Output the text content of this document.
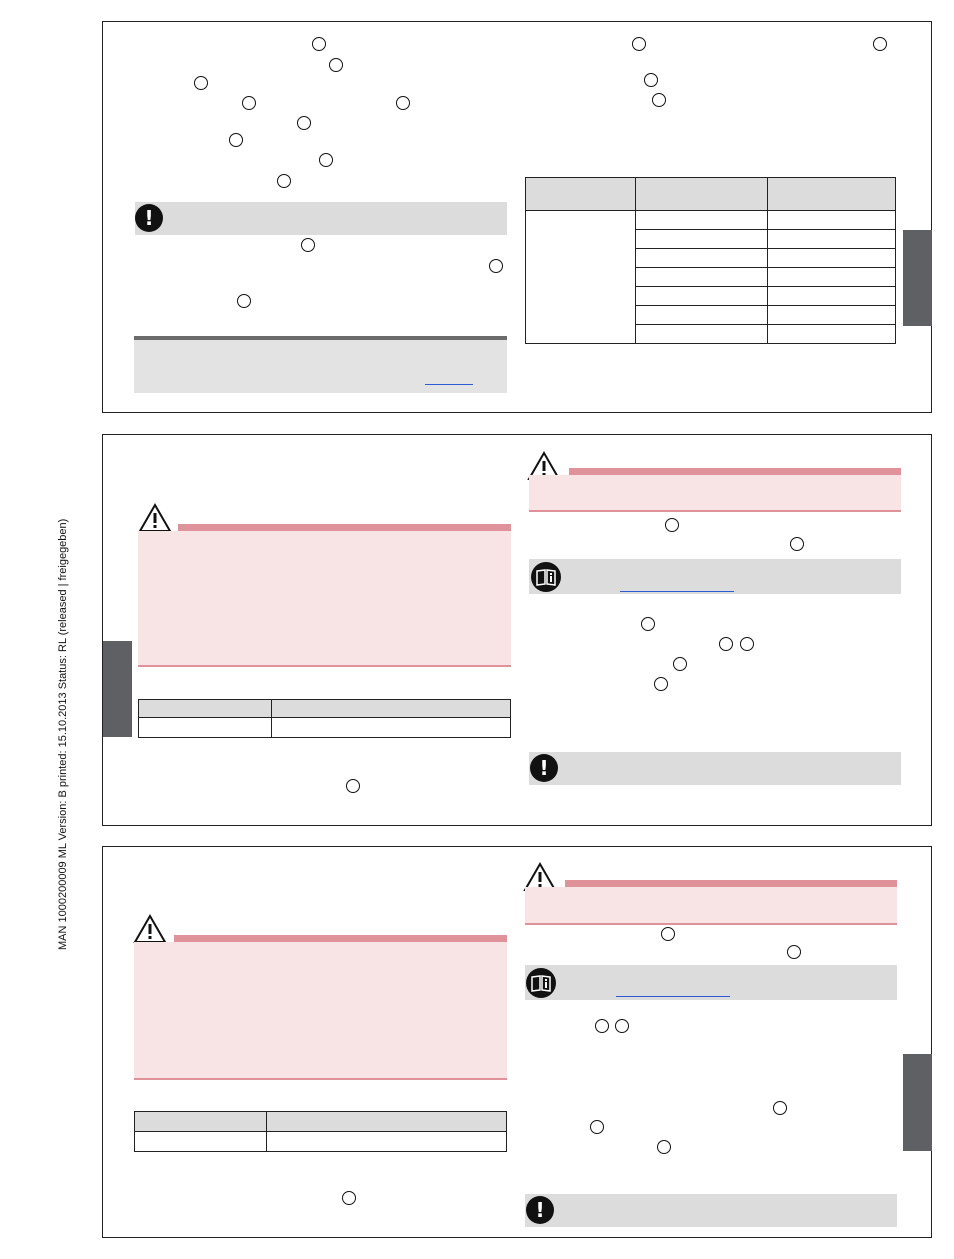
MAN 1000200009 ML Version: B printed: 15.10.2013 Status: RL (released | freigegeben)
!

!

!
